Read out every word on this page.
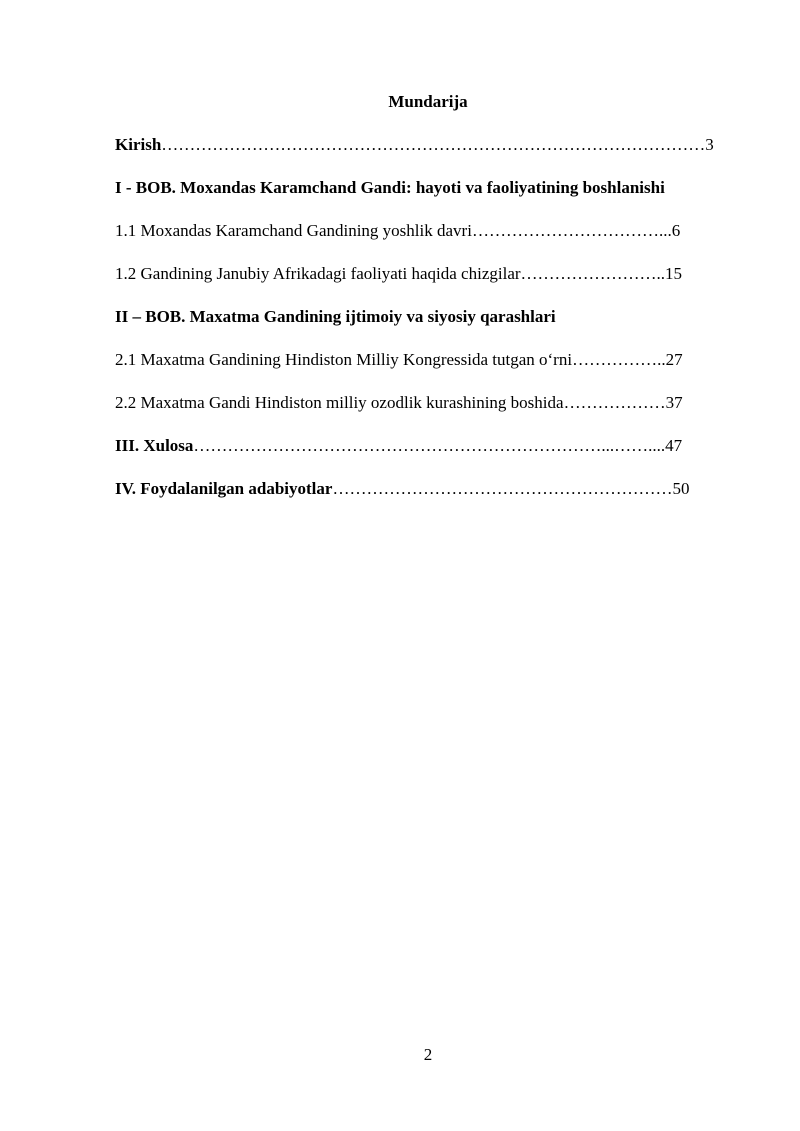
Mundarija
Kirish……………………………………………………………………………………3
I - BOB. Moxandas Karamchand Gandi: hayoti va faoliyatining boshlanishi
1.1 Moxandas Karamchand Gandining yoshlik davri……………………………...6
1.2 Gandining Janubiy Afrikadagi faoliyati haqida chizgilar……………………..15
II – BOB. Maxatma Gandining ijtimoiy va siyosiy qarashlari
2.1 Maxatma Gandining Hindiston Milliy Kongressida tutgan o‘rni……………..27
2.2 Maxatma Gandi Hindiston milliy ozodlik kurashining boshida………………37
III. Xulosa………………………………………………………………...……....47
IV. Foydalanilgan adabiyotlar……………………………………………………50
2
